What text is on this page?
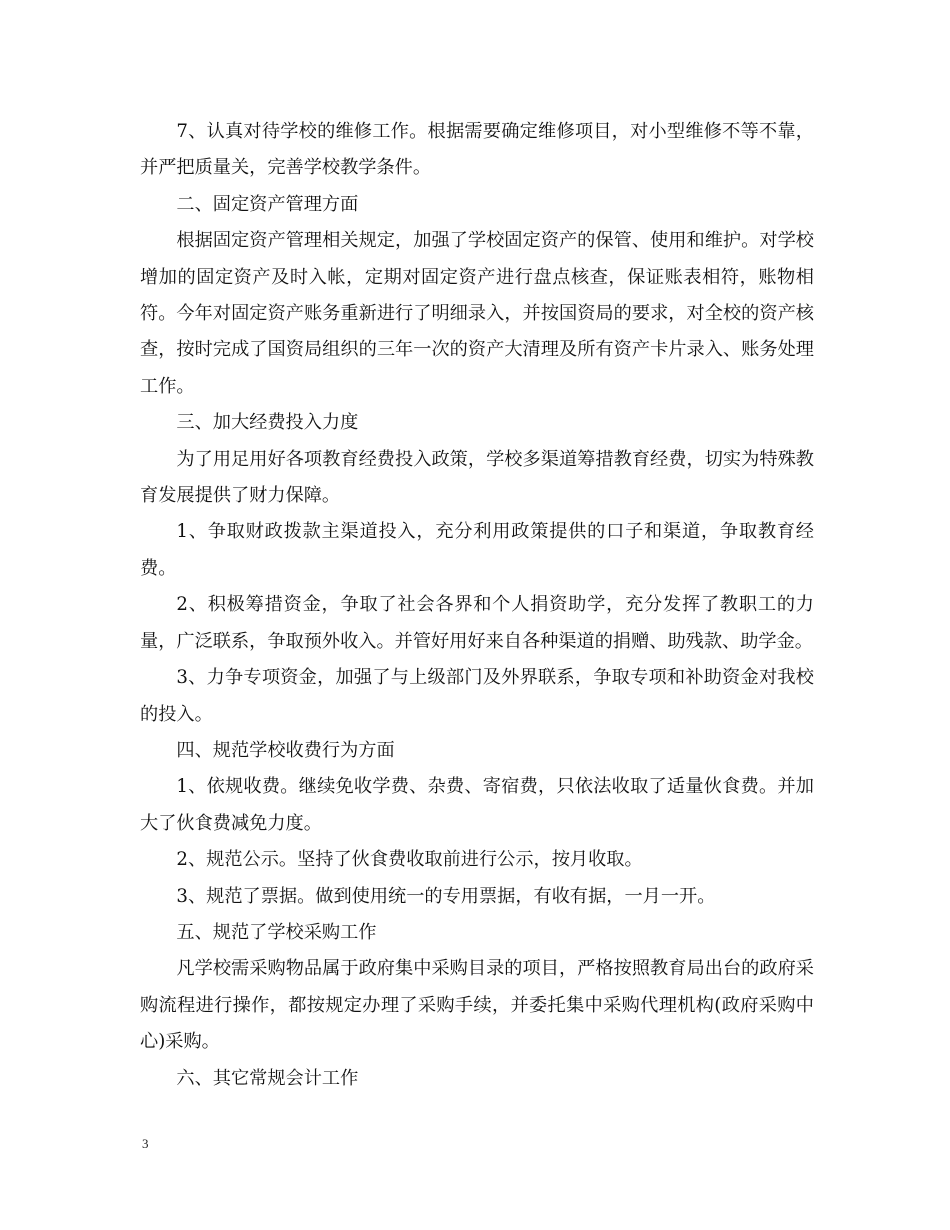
7、认真对待学校的维修工作。根据需要确定维修项目，对小型维修不等不靠，并严把质量关，完善学校教学条件。

二、固定资产管理方面

根据固定资产管理相关规定，加强了学校固定资产的保管、使用和维护。对学校增加的固定资产及时入帐，定期对固定资产进行盘点核查，保证账表相符，账物相符。今年对固定资产账务重新进行了明细录入，并按国资局的要求，对全校的资产核查，按时完成了国资局组织的三年一次的资产大清理及所有资产卡片录入、账务处理工作。

三、加大经费投入力度

为了用足用好各项教育经费投入政策，学校多渠道筹措教育经费，切实为特殊教育发展提供了财力保障。

1、争取财政拨款主渠道投入，充分利用政策提供的口子和渠道，争取教育经费。

2、积极筹措资金，争取了社会各界和个人捐资助学，充分发挥了教职工的力量，广泛联系，争取预外收入。并管好用好来自各种渠道的捐赠、助残款、助学金。

3、力争专项资金，加强了与上级部门及外界联系，争取专项和补助资金对我校的投入。

四、规范学校收费行为方面

1、依规收费。继续免收学费、杂费、寄宿费，只依法收取了适量伙食费。并加大了伙食费减免力度。

2、规范公示。坚持了伙食费收取前进行公示，按月收取。

3、规范了票据。做到使用统一的专用票据，有收有据，一月一开。

五、规范了学校采购工作

凡学校需采购物品属于政府集中采购目录的项目，严格按照教育局出台的政府采购流程进行操作，都按规定办理了采购手续，并委托集中采购代理机构(政府采购中心)采购。

六、其它常规会计工作

3
